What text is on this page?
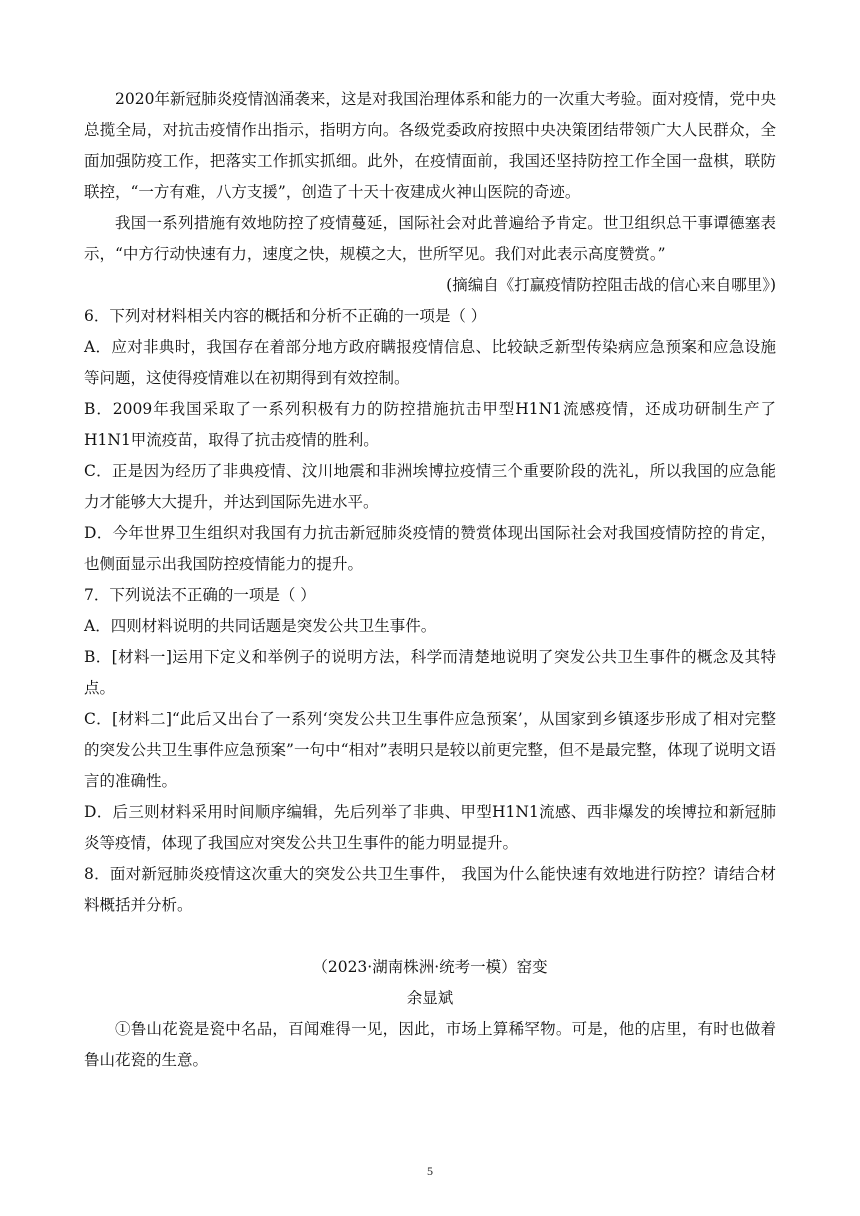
2020年新冠肺炎疫情汹涌袭来，这是对我国治理体系和能力的一次重大考验。面对疫情，党中央总揽全局，对抗击疫情作出指示，指明方向。各级党委政府按照中央决策团结带领广大人民群众，全面加强防疫工作，把落实工作抓实抓细。此外，在疫情面前，我国还坚持防控工作全国一盘棋，联防联控，“一方有难，八方支援”，创造了十天十夜建成火神山医院的奇迹。

我国一系列措施有效地防控了疫情蔓延，国际社会对此普遍给予肯定。世卫组织总干事谭德塞表示，“中方行动快速有力，速度之快，规模之大，世所罕见。我们对此表示高度赞赏。”

(摘编自《打赢疫情防控阻击战的信心来自哪里》)

6．下列对材料相关内容的概括和分析不正确的一项是（ ）

A．应对非典时，我国存在着部分地方政府瞒报疫情信息、比较缺乏新型传染病应急预案和应急设施等问题，这使得疫情难以在初期得到有效控制。

B．2009年我国采取了一系列积极有力的防控措施抗击甲型H1N1流感疫情，还成功研制生产了H1N1甲流疫苗，取得了抗击疫情的胜利。

C．正是因为经历了非典疫情、汶川地震和非洲埃博拉疫情三个重要阶段的洗礼，所以我国的应急能力才能够大大提升，并达到国际先进水平。

D．今年世界卫生组织对我国有力抗击新冠肺炎疫情的赞赏体现出国际社会对我国疫情防控的肯定，也侧面显示出我国防控疫情能力的提升。

7．下列说法不正确的一项是（ ）

A．四则材料说明的共同话题是突发公共卫生事件。

B．[材料一]运用下定义和举例子的说明方法，科学而清楚地说明了突发公共卫生事件的概念及其特点。

C．[材料二]“此后又出台了一系列‘突发公共卫生事件应急预案’，从国家到乡镇逐步形成了相对完整的突发公共卫生事件应急预案”一句中“相对”表明只是较以前更完整，但不是最完整，体现了说明文语言的准确性。

D．后三则材料采用时间顺序编辑，先后列举了非典、甲型H1N1流感、西非爆发的埃博拉和新冠肺炎等疫情，体现了我国应对突发公共卫生事件的能力明显提升。

8．面对新冠肺炎疫情这次重大的突发公共卫生事件， 我国为什么能快速有效地进行防控？请结合材料概括并分析。

（2023·湖南株洲·统考一模）窑变

余显斌

①鲁山花瓷是瓷中名品，百闻难得一见，因此，市场上算稀罕物。可是，他的店里，有时也做着鲁山花瓷的生意。

5
